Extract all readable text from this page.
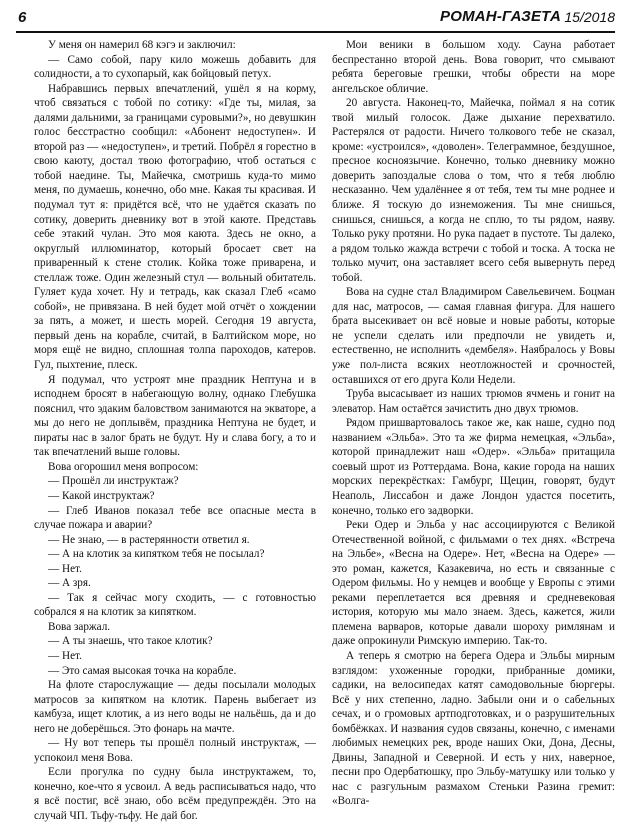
6	РОМАН-ГАЗЕТА 15/2018

У меня он намерил 68 кэгэ и заключил:

— Само собой, пару кило можешь добавить для солидности, а то сухопарый, как бойцовый петух.

Набравшись первых впечатлений, ушёл я на корму, чтоб связаться с тобой по сотику: «Где ты, милая, за далями дальними, за границами суровыми?», но девушкин голос бесстрастно сообщил: «Абонент недоступен». И второй раз — «недоступен», и третий. Побрёл я горестно в свою каюту, достал твою фотографию, чтоб остаться с тобой наедине. Ты, Майечка, смотришь куда-то мимо меня, по думаешь, конечно, обо мне. Какая ты красивая. И подумал тут я: придётся всё, что не удаётся сказать по сотику, доверить дневнику вот в этой каюте. Представь себе этакий чулан. Это моя каюта. Здесь не окно, а округлый иллюминатор, который бросает свет на приваренный к стене столик. Койка тоже приварена, и стеллаж тоже. Один железный стул — вольный обитатель. Гуляет куда хочет. Ну и тетрадь, как сказал Глеб «само собой», не привязана. В ней будет мой отчёт о хождении за пять, а может, и шесть морей. Сегодня 19 августа, первый день на корабле, считай, в Балтийском море, но моря ещё не видно, сплошная толпа пароходов, катеров. Гул, пыхтение, плеск.

Я подумал, что устроят мне праздник Нептуна и в исподнем бросят в набегающую волну, однако Глебушка пояснил, что эдаким баловством занимаются на экваторе, а мы до него не доплывём, праздника Нептуна не будет, и пираты нас в залог брать не будут. Ну и слава богу, а то и так впечатлений выше головы.

Вова огорошил меня вопросом:

— Прошёл ли инструктаж?

— Какой инструктаж?

— Глеб Иванов показал тебе все опасные места в случае пожара и аварии?

— Не знаю, — в растерянности ответил я.

— А на клотик за кипятком тебя не посылал?

— Нет.

— А зря.

— Так я сейчас могу сходить, — с готовностью собрался я на клотик за кипятком.

Вова заржал.

— А ты знаешь, что такое клотик?

— Нет.

— Это самая высокая точка на корабле.

На флоте старослужащие — деды посылали молодых матросов за кипятком на клотик. Парень выбегает из камбуза, ищет клотик, а из него воды не нальёшь, да и до него не доберёшься. Это фонарь на мачте.

— Ну вот теперь ты прошёл полный инструктаж, — успокоил меня Вова.

Если прогулка по судну была инструктажем, то, конечно, кое-что я усвоил. А ведь расписываться надо, что я всё постиг, всё знаю, обо всём предупреждён. Это на случай ЧП. Тьфу-тьфу. Не дай бог.

Мои веники в большом ходу. Сауна работает беспрестанно второй день. Вова говорит, что смывают ребята береговые грешки, чтобы обрести на море ангельское обличие.

20 августа. Наконец-то, Майечка, поймал я на сотик твой милый голосок. Даже дыхание перехватило. Растерялся от радости. Ничего толкового тебе не сказал, кроме: «устроился», «доволен». Телеграммное, бездушное, пресное косноязычие. Конечно, только дневнику можно доверить запоздалые слова о том, что я тебя люблю несказанно. Чем удалённее я от тебя, тем ты мне роднее и ближе. Я тоскую до изнеможения. Ты мне снишься, снишься, снишься, а когда не сплю, то ты рядом, наяву. Только руку протяни. Но рука падает в пустоте. Ты далеко, а рядом только жажда встречи с тобой и тоска. А тоска не только мучит, она заставляет всего себя вывернуть перед тобой.

Вова на судне стал Владимиром Савельевичем. Боцман для нас, матросов, — самая главная фигура. Для нашего брата высекивает он всё новые и новые работы, которые не успели сделать или предпочли не увидеть и, естественно, не исполнить «дембеля». Наябралось у Вовы уже пол-листа всяких неотложностей и срочностей, оставшихся от его друга Коли Недели.

Труба высасывает из наших трюмов ячмень и гонит на элеватор. Нам остаётся зачистить дно двух трюмов.

Рядом пришвартовалось такое же, как наше, судно под названием «Эльба». Это та же фирма немецкая, «Эльба», которой принадлежит наш «Одер». «Эльба» притащила соевый шрот из Роттердама. Вона, какие города на наших морских перекрёстках: Гамбург, Щецин, говорят, будут Неаполь, Лиссабон и даже Лондон удастся посетить, конечно, только его задворки.

Реки Одер и Эльба у нас ассоциируются с Великой Отечественной войной, с фильмами о тех днях. «Встреча на Эльбе», «Весна на Одере». Нет, «Весна на Одере» — это роман, кажется, Казакевича, но есть и связанные с Одером фильмы. Но у немцев и вообще у Европы с этими реками переплетается вся древняя и средневековая история, которую мы мало знаем. Здесь, кажется, жили племена варваров, которые давали шороху римлянам и даже опрокинули Римскую империю. Так-то.

А теперь я смотрю на берега Одера и Эльбы мирным взглядом: ухоженные городки, прибранные домики, садики, на велосипедах катят самодовольные бюргеры. Всё у них степенно, ладно. Забыли они и о сабельных сечах, и о громовых артподготовках, и о разрушительных бомбёжках. И названия судов связаны, конечно, с именами любимых немецких рек, вроде наших Оки, Дона, Десны, Двины, Западной и Северной. И есть у них, наверное, песни про Одербатюшку, про Эльбу-матушку или только у нас с разгульным размахом Стеньки Разина гремит: «Волга-
